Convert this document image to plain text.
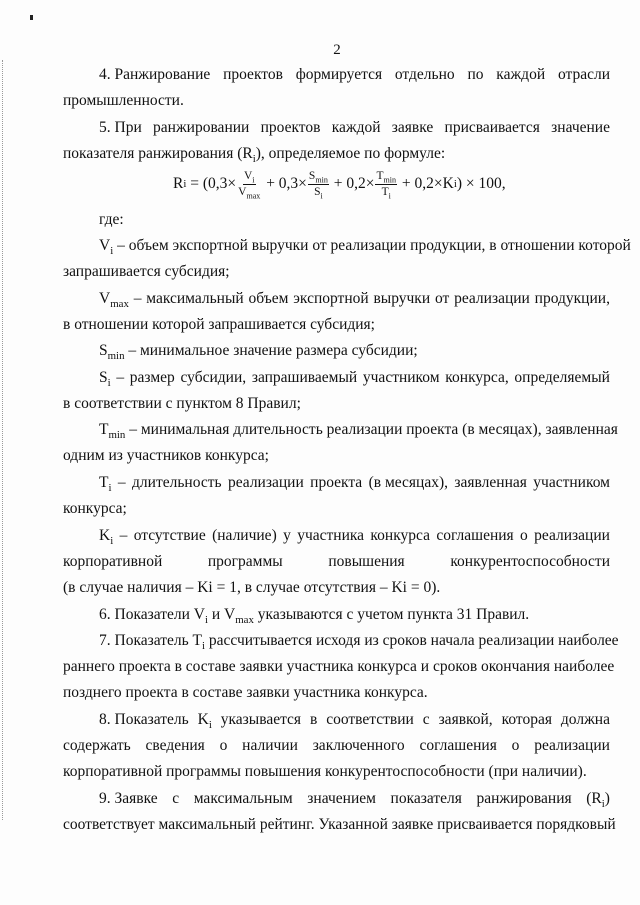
2
4. Ранжирование проектов формируется отдельно по каждой отрасли
промышленности.
5. При ранжировании проектов каждой заявке присваивается значение
показателя ранжирования $(R_i)$, определяемое по формуле:
R $i = (0,3\times \frac{V_i}{V_{max}} + 0,3\times \frac{S_{min}}{S_i} + 0,2\times \frac{T_{min}}{T_i} + 0,2\times K$ i ) × 100,
где:
$V_i$ – объем экспортной выручки от реализации продукции, в отношении которой
запрашивается субсидия;
$V_{max}$ – максимальный объем экспортной выручки от реализации продукции,
в отношении которой запрашивается субсидия;
$S_{min}$ – минимальное значение размера субсидии;
$S_i$ – размер субсидии, запрашиваемый участником конкурса, определяемый
в соответствии с пунктом 8 Правил;
$T_{min}$ – минимальная длительность реализации проекта (в месяцах), заявленная
одним из участников конкурса;
$T_i$ – длительность реализации проекта (в месяцах), заявленная участником
конкурса;
$K_i$ – отсутствие (наличие) у участника конкурса соглашения о реализации
корпоративной	программы	повышения	конкурентоспособности
(в случае наличия – Ki = 1, в случае отсутствия – Ki = 0).
6. Показатели $V_i$ и $V_{max}$ указываются с учетом пункта 31 Правил.
7. Показатель $T_i$ рассчитывается исходя из сроков начала реализации наиболее
раннего проекта в составе заявки участника конкурса и сроков окончания наиболее
позднего проекта в составе заявки участника конкурса.
8. Показатель $K_i$ указывается в соответствии с заявкой, которая должна
содержать сведения о наличии заключенного соглашения о реализации
корпоративной программы повышения конкурентоспособности (при наличии).
9. Заявке с максимальным значением показателя ранжирования $(R_i)$
соответствует максимальный рейтинг. Указанной заявке присваивается порядковый
